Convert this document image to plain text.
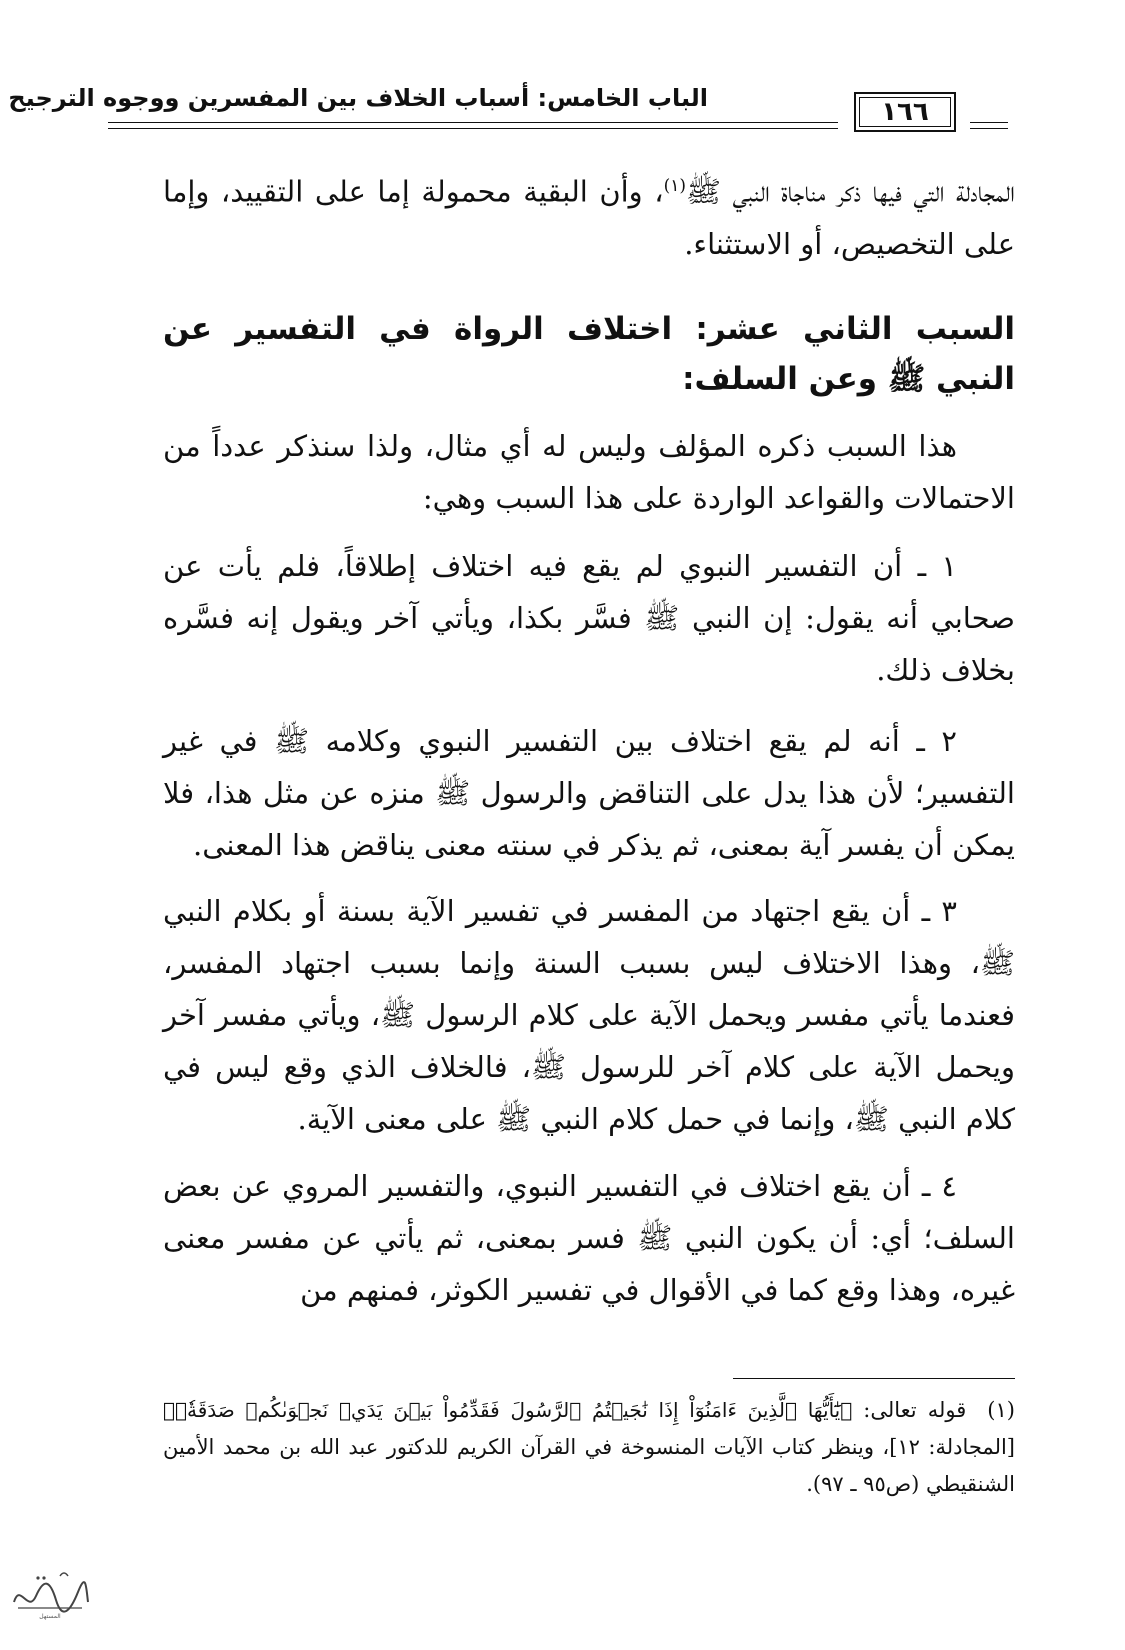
الباب الخامس: أسباب الخلاف بين المفسرين ووجوه الترجيح	١٦٦

المجادلة التي فيها ذكر مناجاة النبي ﷺ$^{(١)}$، وأن البقية محمولة إما على التقييد، وإما على التخصيص، أو الاستثناء.

السبب الثاني عشر: اختلاف الرواة في التفسير عن النبي ﷺ وعن السلف:

هذا السبب ذكره المؤلف وليس له أي مثال، ولذا سنذكر عدداً من الاحتمالات والقواعد الواردة على هذا السبب وهي:

١ ـ أن التفسير النبوي لم يقع فيه اختلاف إطلاقاً، فلم يأت عن صحابي أنه يقول: إن النبي ﷺ فسَّر بكذا، ويأتي آخر ويقول إنه فسَّره بخلاف ذلك.

٢ ـ أنه لم يقع اختلاف بين التفسير النبوي وكلامه ﷺ في غير التفسير؛ لأن هذا يدل على التناقض والرسول ﷺ منزه عن مثل هذا، فلا يمكن أن يفسر آية بمعنى، ثم يذكر في سنته معنى يناقض هذا المعنى.

٣ ـ أن يقع اجتهاد من المفسر في تفسير الآية بسنة أو بكلام النبي ﷺ، وهذا الاختلاف ليس بسبب السنة وإنما بسبب اجتهاد المفسر، فعندما يأتي مفسر ويحمل الآية على كلام الرسول ﷺ، ويأتي مفسر آخر ويحمل الآية على كلام آخر للرسول ﷺ، فالخلاف الذي وقع ليس في كلام النبي ﷺ، وإنما في حمل كلام النبي ﷺ على معنى الآية.

٤ ـ أن يقع اختلاف في التفسير النبوي، والتفسير المروي عن بعض السلف؛ أي: أن يكون النبي ﷺ فسر بمعنى، ثم يأتي عن مفسر معنى غيره، وهذا وقع كما في الأقوال في تفسير الكوثر، فمنهم من

(١) قوله تعالى: ﴿يَٰٓأَيُّهَا ٱلَّذِينَ ءَامَنُوٓاْ إِذَا نَٰجَيۡتُمُ ٱلرَّسُولَ فَقَدِّمُواْ بَيۡنَ يَدَيۡ نَجۡوَىٰكُمۡ صَدَقَةٗۚ﴾ [المجادلة: ١٢]، وينظر كتاب الآيات المنسوخة في القرآن الكريم للدكتور عبد الله بن محمد الأمين الشنقيطي (ص٩٥ ـ ٩٧).
المستهل
